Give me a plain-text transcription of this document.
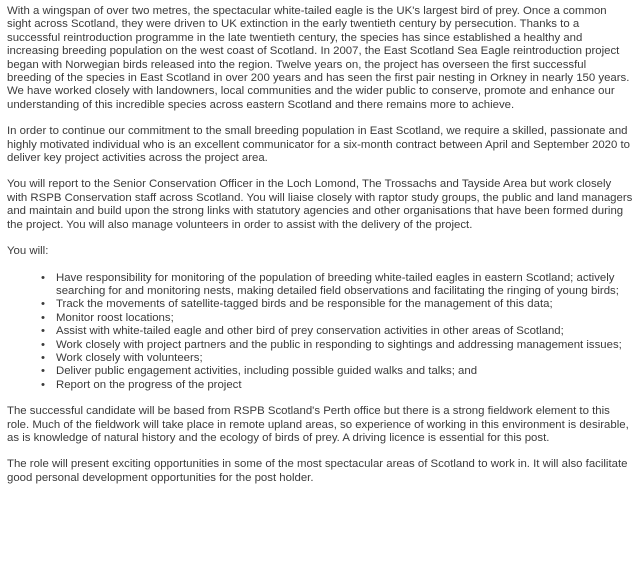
With a wingspan of over two metres, the spectacular white-tailed eagle is the UK's largest bird of prey. Once a common sight across Scotland, they were driven to UK extinction in the early twentieth century by persecution. Thanks to a successful reintroduction programme in the late twentieth century, the species has since established a healthy and increasing breeding population on the west coast of Scotland. In 2007, the East Scotland Sea Eagle reintroduction project began with Norwegian birds released into the region. Twelve years on, the project has overseen the first successful breeding of the species in East Scotland in over 200 years and has seen the first pair nesting in Orkney in nearly 150 years. We have worked closely with landowners, local communities and the wider public to conserve, promote and enhance our understanding of this incredible species across eastern Scotland and there remains more to achieve.

In order to continue our commitment to the small breeding population in East Scotland, we require a skilled, passionate and highly motivated individual who is an excellent communicator for a six-month contract between April and September 2020 to deliver key project activities across the project area.

You will report to the Senior Conservation Officer in the Loch Lomond, The Trossachs and Tayside Area but work closely with RSPB Conservation staff across Scotland. You will liaise closely with raptor study groups, the public and land managers and maintain and build upon the strong links with statutory agencies and other organisations that have been formed during the project. You will also manage volunteers in order to assist with the delivery of the project.

You will:

• Have responsibility for monitoring of the population of breeding white-tailed eagles in eastern Scotland; actively searching for and monitoring nests, making detailed field observations and facilitating the ringing of young birds;
• Track the movements of satellite-tagged birds and be responsible for the management of this data;
• Monitor roost locations;
• Assist with white-tailed eagle and other bird of prey conservation activities in other areas of Scotland;
• Work closely with project partners and the public in responding to sightings and addressing management issues;
• Work closely with volunteers;
• Deliver public engagement activities, including possible guided walks and talks; and
• Report on the progress of the project

The successful candidate will be based from RSPB Scotland's Perth office but there is a strong fieldwork element to this role. Much of the fieldwork will take place in remote upland areas, so experience of working in this environment is desirable, as is knowledge of natural history and the ecology of birds of prey. A driving licence is essential for this post.

The role will present exciting opportunities in some of the most spectacular areas of Scotland to work in. It will also facilitate good personal development opportunities for the post holder.
